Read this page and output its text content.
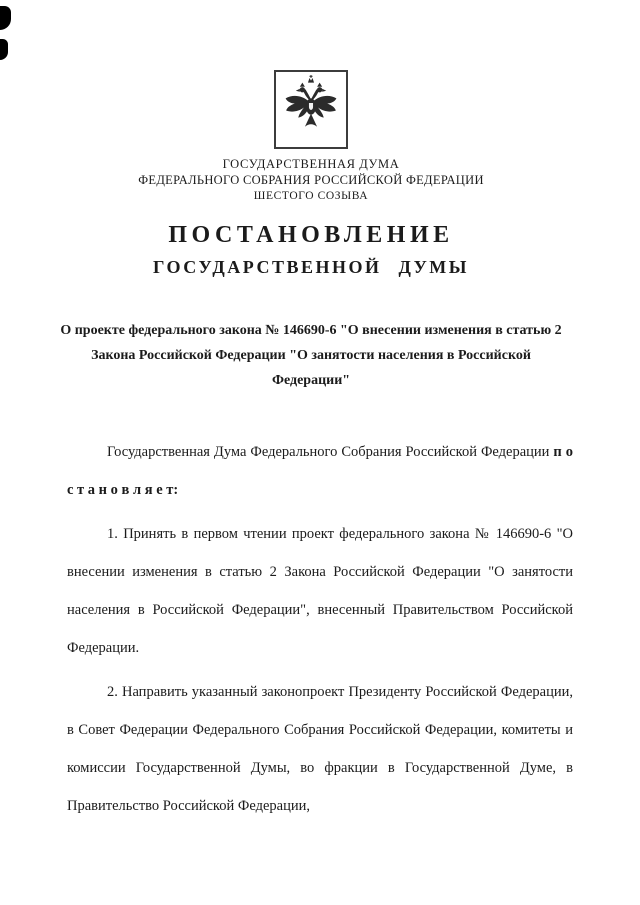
ГОСУДАРСТВЕННАЯ ДУМА
ФЕДЕРАЛЬНОГО СОБРАНИЯ РОССИЙСКОЙ ФЕДЕРАЦИИ
ШЕСТОГО СОЗЫВА
ПОСТАНОВЛЕНИЕ
ГОСУДАРСТВЕННОЙ ДУМЫ
О проекте федерального закона № 146690-6 "О внесении изменения в статью 2 Закона Российской Федерации "О занятости населения в Российской Федерации"

Государственная Дума Федерального Собрания Российской Федерации п о с т а н о в л я е т:

1. Принять в первом чтении проект федерального закона № 146690-6 "О внесении изменения в статью 2 Закона Российской Федерации "О занятости населения в Российской Федерации", внесенный Правительством Российской Федерации.

2. Направить указанный законопроект Президенту Российской Федерации, в Совет Федерации Федерального Собрания Российской Федерации, комитеты и комиссии Государственной Думы, во фракции в Государственной Думе, в Правительство Российской Федерации,
